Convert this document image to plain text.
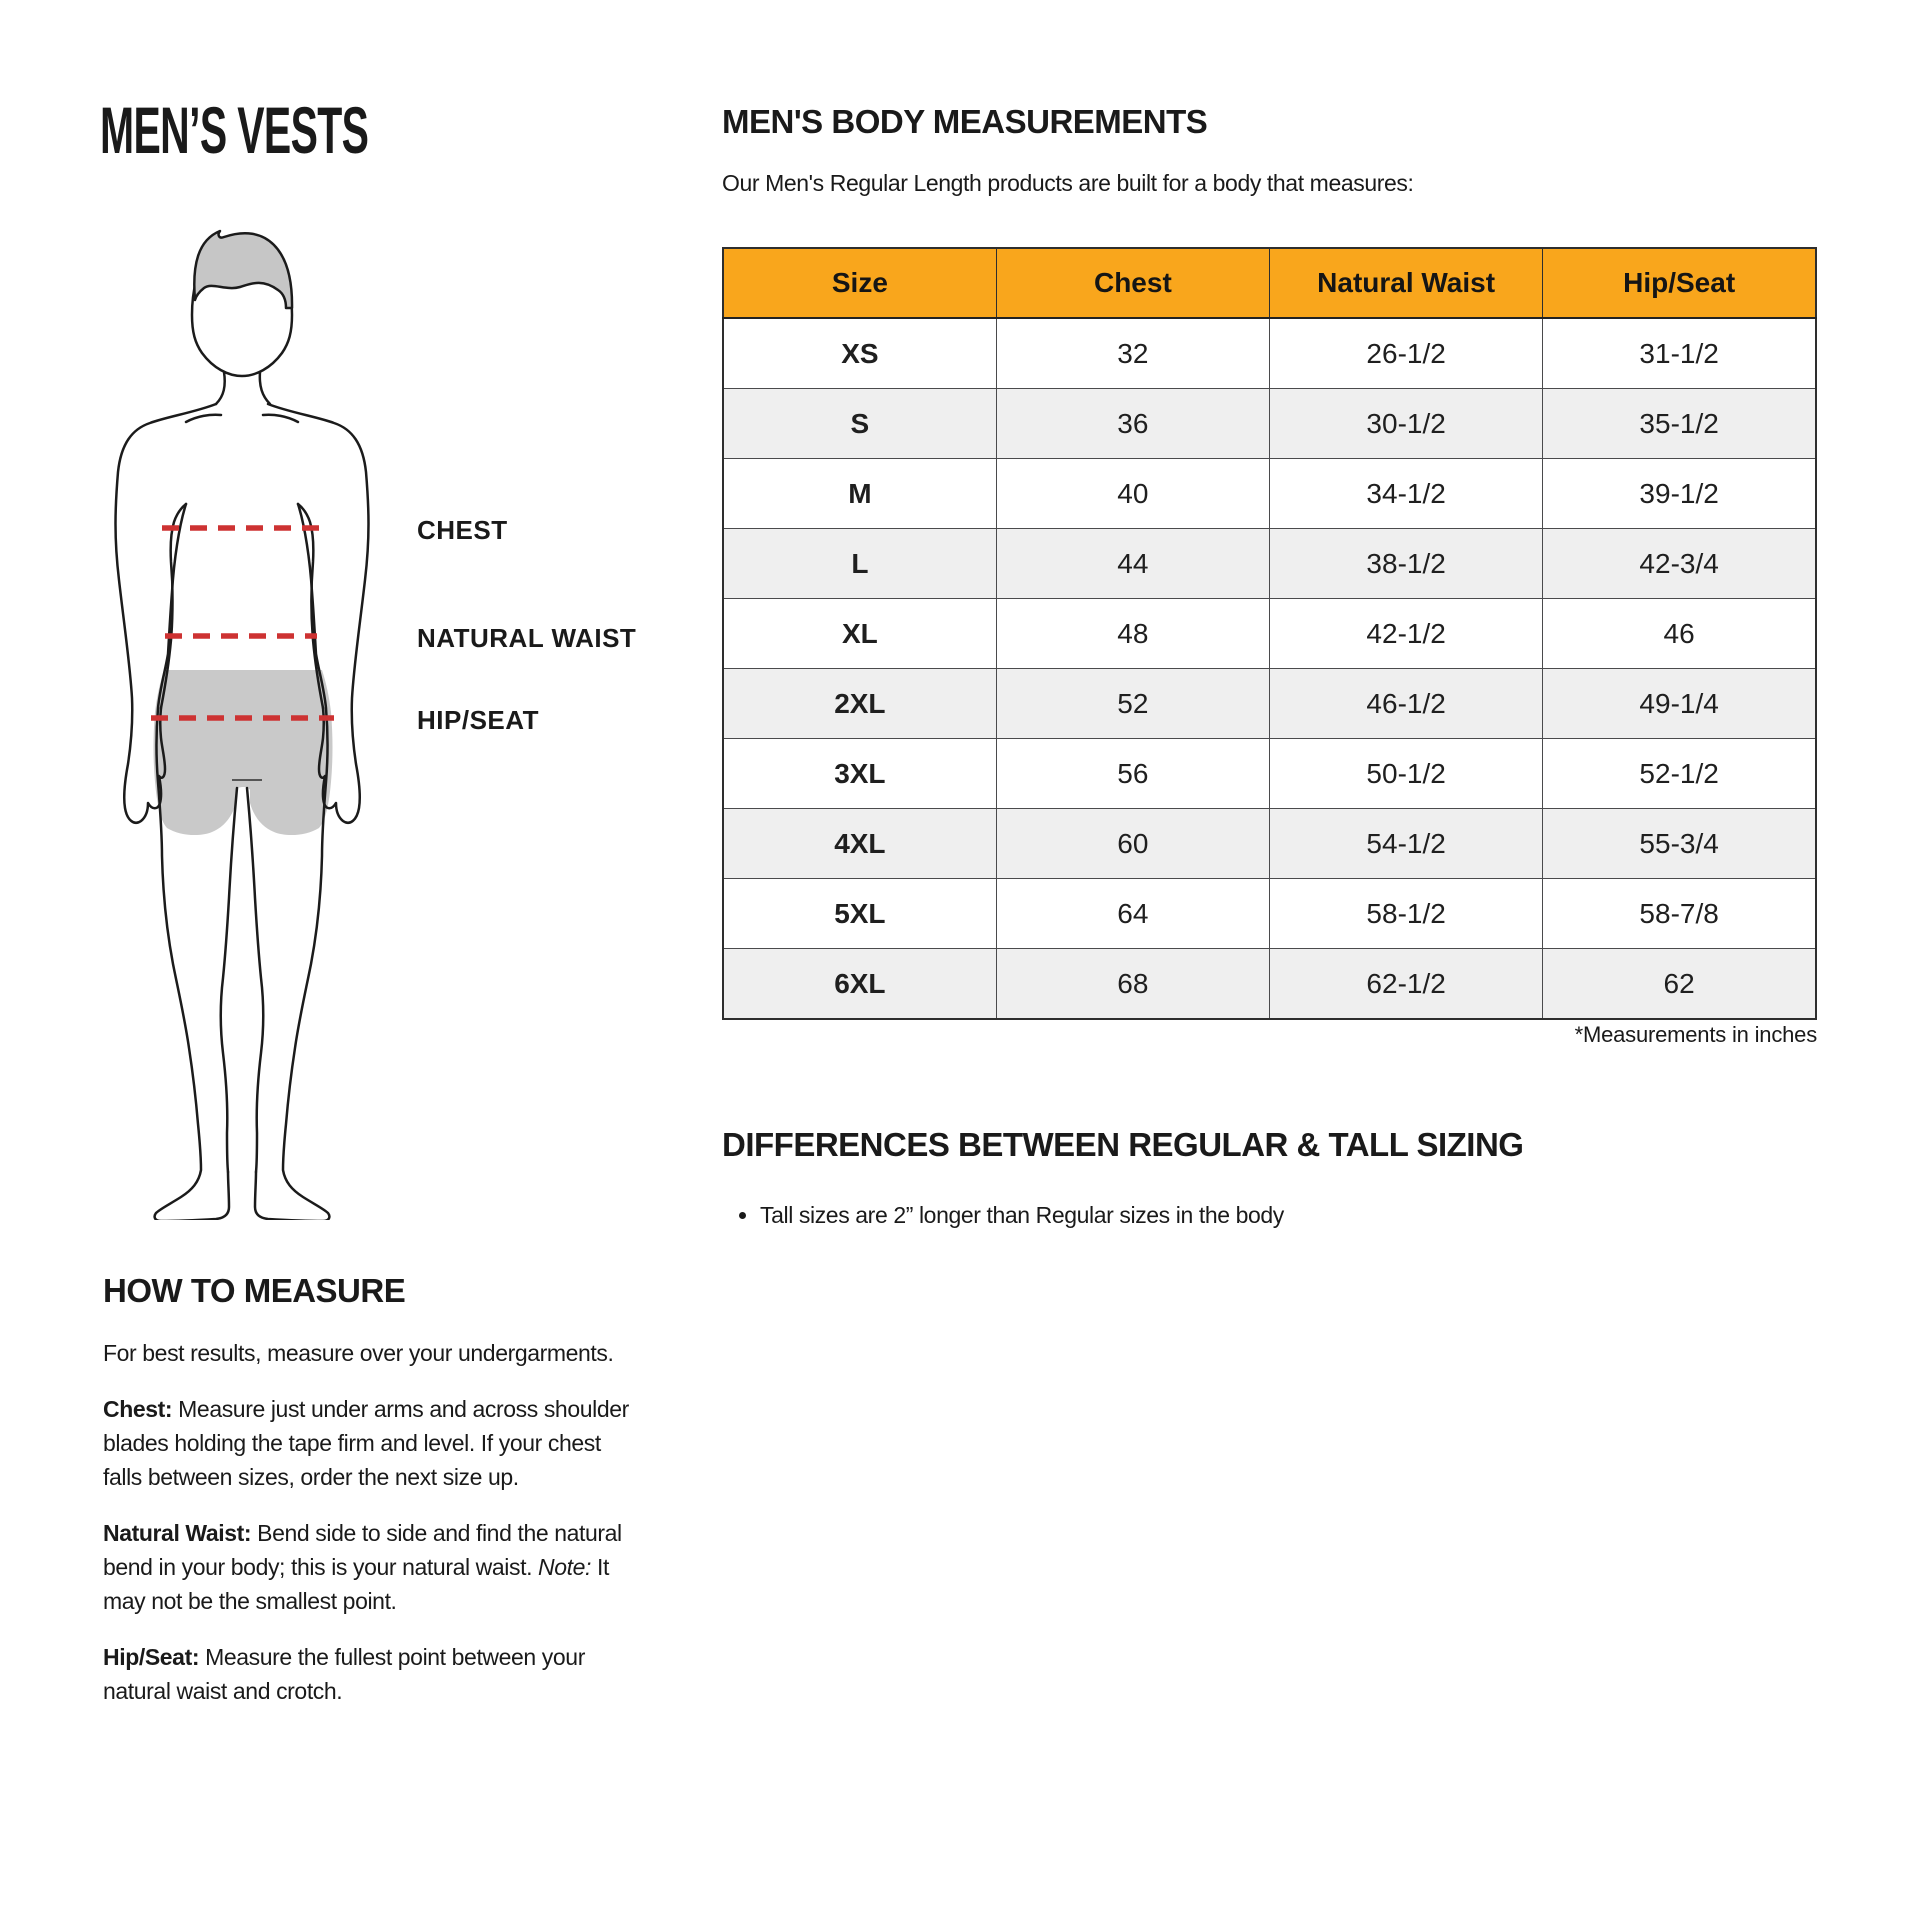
MEN’S VESTS
CHEST
NATURAL WAIST
HIP/SEAT
MEN'S BODY MEASUREMENTS
Our Men's Regular Length products are built for a body that measures:
Size	Chest	Natural Waist	Hip/Seat
XS	32	26-1/2	31-1/2
S	36	30-1/2	35-1/2
M	40	34-1/2	39-1/2
L	44	38-1/2	42-3/4
XL	48	42-1/2	46
2XL	52	46-1/2	49-1/4
3XL	56	50-1/2	52-1/2
4XL	60	54-1/2	55-3/4
5XL	64	58-1/2	58-7/8
6XL	68	62-1/2	62
*Measurements in inches
DIFFERENCES BETWEEN REGULAR & TALL SIZING
• Tall sizes are 2” longer than Regular sizes in the body
HOW TO MEASURE

For best results, measure over your undergarments.

Chest: Measure just under arms and across shoulder blades holding the tape firm and level. If your chest falls between sizes, order the next size up.

Natural Waist: Bend side to side and find the natural bend in your body; this is your natural waist. Note: It may not be the smallest point.

Hip/Seat: Measure the fullest point between your natural waist and crotch.
